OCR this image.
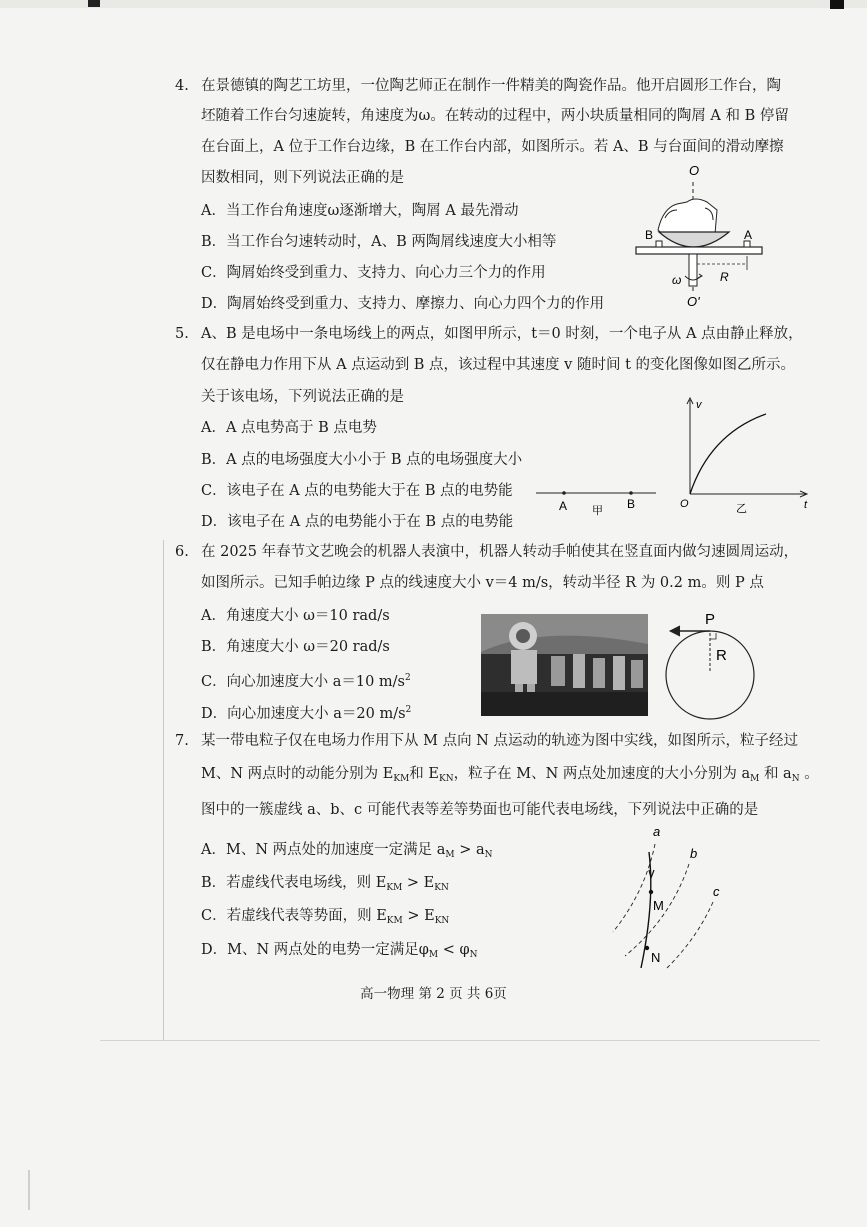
4. 在景德镇的陶艺工坊里，一位陶艺师正在制作一件精美的陶瓷作品。他开启圆形工作台，陶
坯随着工作台匀速旋转，角速度为ω。在转动的过程中，两小块质量相同的陶屑 A 和 B 停留
在台面上，A 位于工作台边缘，B 在工作台内部，如图所示。若 A、B 与台面间的滑动摩擦
因数相同，则下列说法正确的是
A．当工作台角速度ω逐渐增大，陶屑 A 最先滑动
B．当工作台匀速转动时，A、B 两陶屑线速度大小相等
C．陶屑始终受到重力、支持力、向心力三个力的作用
D．陶屑始终受到重力、支持力、摩擦力、向心力四个力的作用
O
B	A
R
ω
O'
5. A、B 是电场中一条电场线上的两点，如图甲所示，t＝0 时刻，一个电子从 A 点由静止释放，
仅在静电力作用下从 A 点运动到 B 点，该过程中其速度 v 随时间 t 的变化图像如图乙所示。
关于该电场，下列说法正确的是
A．A 点电势高于 B 点电势
B．A 点的电场强度大小小于 B 点的电场强度大小
C．该电子在 A 点的电势能大于在 B 点的电势能
D．该电子在 A 点的电势能小于在 B 点的电势能
A	B
甲
v
t
O	乙
6. 在 2025 年春节文艺晚会的机器人表演中，机器人转动手帕使其在竖直面内做匀速圆周运动，
如图所示。已知手帕边缘 P 点的线速度大小 v＝4 m/s，转动半径 R 为 0.2 m。则 P 点
A．角速度大小 ω＝10 rad/s
B．角速度大小 ω＝20 rad/s
C．向心加速度大小 a＝10 $m/s^2$
D．向心加速度大小 a＝20 $m/s^2$
P
R
7. 某一带电粒子仅在电场力作用下从 M 点向 N 点运动的轨迹为图中实线，如图所示，粒子经过
M、N 两点时的动能分别为 $E_{KM}$和 $E_{KN}$，粒子在 M、N 两点处加速度的大小分别为 $a_M$ 和 $a_N$ 。
图中的一簇虚线 a、b、c 可能代表等差等势面也可能代表电场线，下列说法中正确的是
A．M、N 两点处的加速度一定满足 $a_M > a_N$
B．若虚线代表电场线，则 $E_{KM} > E_{KN}$
C．若虚线代表等势面，则 $E_{KM} > E_{KN}$
D．M、N 两点处的电势一定满足$\varphi_M < \varphi_N$
a
b
c
M
N
高一物理 第 2 页 共 6页
